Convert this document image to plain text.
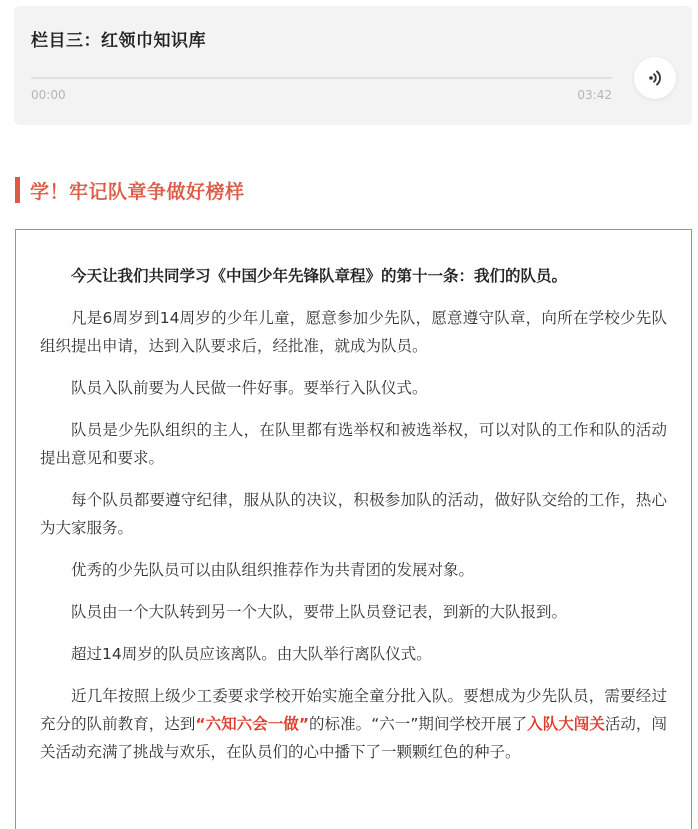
栏目三：红领巾知识库
00:00	03:42
学！牢记队章争做好榜样

今天让我们共同学习《中国少年先锋队章程》的第十一条：我们的队员。

凡是6周岁到14周岁的少年儿童，愿意参加少先队，愿意遵守队章，向所在学校少先队组织提出申请，达到入队要求后，经批准，就成为队员。

队员入队前要为人民做一件好事。要举行入队仪式。

队员是少先队组织的主人，在队里都有选举权和被选举权，可以对队的工作和队的活动提出意见和要求。

每个队员都要遵守纪律，服从队的决议，积极参加队的活动，做好队交给的工作，热心为大家服务。

优秀的少先队员可以由队组织推荐作为共青团的发展对象。

队员由一个大队转到另一个大队，要带上队员登记表，到新的大队报到。

超过14周岁的队员应该离队。由大队举行离队仪式。

近几年按照上级少工委要求学校开始实施全童分批入队。要想成为少先队员，需要经过充分的队前教育，达到“六知六会一做”的标准。“六一”期间学校开展了入队大闯关活动，闯关活动充满了挑战与欢乐，在队员们的心中播下了一颗颗红色的种子。
